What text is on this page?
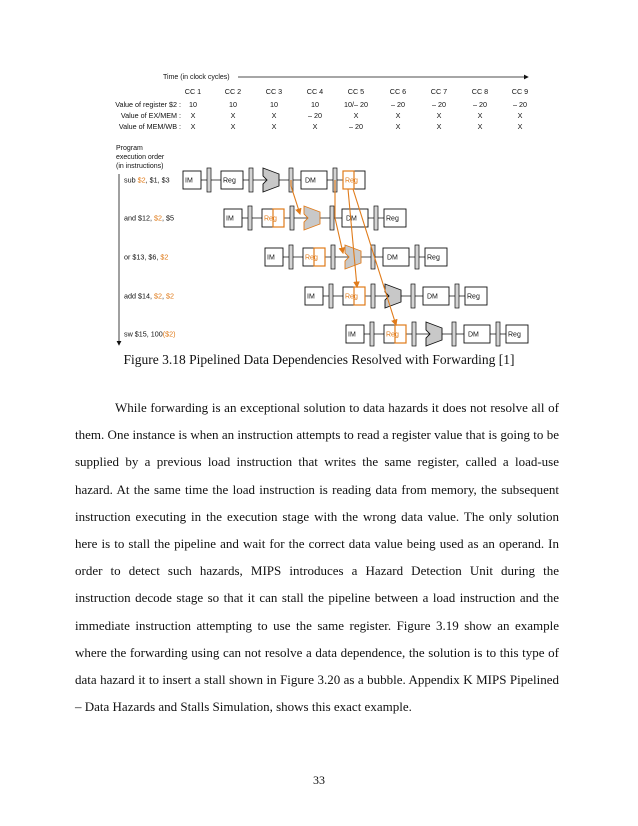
CC 1	CC 2	CC 3	CC 4	CC 5	CC 6	CC 7	CC 8	CC 9
Value of register $2 : 10	10	10	10	10/– 20	– 20	– 20	– 20	– 20
Value of EX/MEM : X	X	X	– 20	X	X	X	X	X
Value of MEM/WB : X	X	X	X	– 20	X	X	X	X
Time (in clock cycles)
Program
execution order
(in instructions)
sub $2, $1, $3
and $12, $2, $5
or $13, $6, $2
add $14, $2, $2
sw $15, 100($2)
IM	Reg	DM	Reg
IM	Reg	DM	Reg
IM	Reg	DM	Reg
IM	Reg	DM	Reg
IM	Reg	DM	Reg
Figure 3.18 Pipelined Data Dependencies Resolved with Forwarding [1]

While forwarding is an exceptional solution to data hazards it does not resolve all of them. One instance is when an instruction attempts to read a register value that is going to be supplied by a previous load instruction that writes the same register, called a load-use hazard. At the same time the load instruction is reading data from memory, the subsequent instruction executing in the execution stage with the wrong data value. The only solution here is to stall the pipeline and wait for the correct data value being used as an operand. In order to detect such hazards, MIPS introduces a Hazard Detection Unit during the instruction decode stage so that it can stall the pipeline between a load instruction and the immediate instruction attempting to use the same register. Figure 3.19 show an example where the forwarding using can not resolve a data dependence, the solution is to this type of data hazard it to insert a stall shown in Figure 3.20 as a bubble. Appendix K MIPS Pipelined – Data Hazards and Stalls Simulation, shows this exact example.

33
